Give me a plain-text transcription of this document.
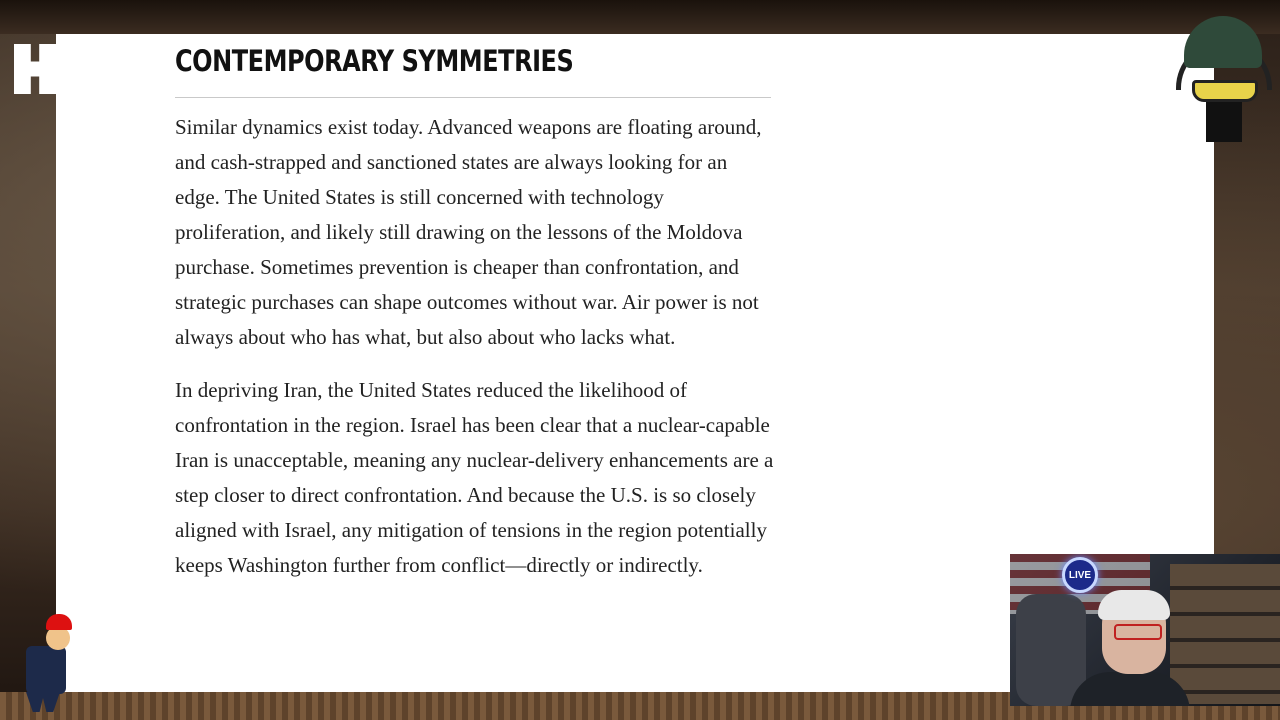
CONTEMPORARY SYMMETRIES

Similar dynamics exist today. Advanced weapons are floating around, and cash-strapped and sanctioned states are always looking for an edge. The United States is still concerned with technology proliferation, and likely still drawing on the lessons of the Moldova purchase. Sometimes prevention is cheaper than confrontation, and strategic purchases can shape outcomes without war. Air power is not always about who has what, but also about who lacks what.

In depriving Iran, the United States reduced the likelihood of confrontation in the region. Israel has been clear that a nuclear-capable Iran is unacceptable, meaning any nuclear-delivery enhancements are a step closer to direct confrontation. And because the U.S. is so closely aligned with Israel, any mitigation of tensions in the region potentially keeps Washington further from conflict—directly or indirectly.	LIVE
